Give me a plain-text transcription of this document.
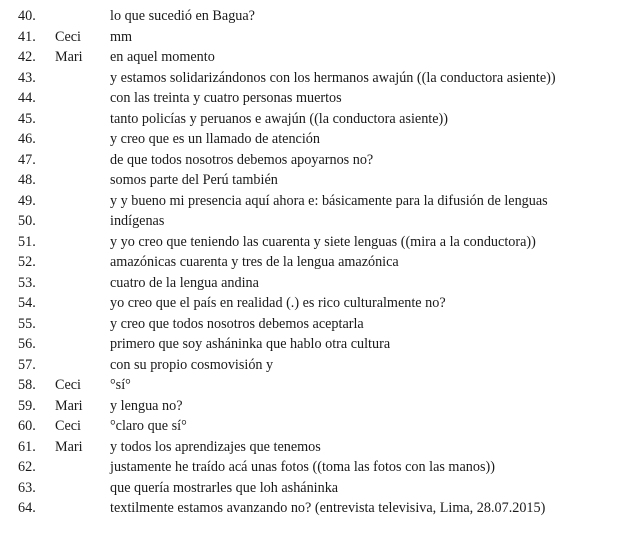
40.	lo que sucedió en Bagua?
41. Ceci mm
42. Mari en aquel momento
43.	y estamos solidarizándonos con los hermanos awajún ((la conductora asiente))
44.	con las treinta y cuatro personas muertos
45.	tanto policías y peruanos e awajún ((la conductora asiente))
46.	y creo que es un llamado de atención
47.	de que todos nosotros debemos apoyarnos no?
48.	somos parte del Perú también
49.	y y bueno mi presencia aquí ahora e: básicamente para la difusión de lenguas
50.	indígenas
51.	y yo creo que teniendo las cuarenta y siete lenguas ((mira a la conductora))
52.	amazónicas cuarenta y tres de la lengua amazónica
53.	cuatro de la lengua andina
54.	yo creo que el país en realidad (.) es rico culturalmente no?
55.	y creo que todos nosotros debemos aceptarla
56.	primero que soy asháninka que hablo otra cultura
57.	con su propio cosmovisión y
58. Ceci °sí°
59. Mari y lengua no?
60. Ceci °claro que sí°
61. Mari y todos los aprendizajes que tenemos
62.	justamente he traído acá unas fotos ((toma las fotos con las manos))
63.	que quería mostrarles que loh asháninka
64.	textilmente estamos avanzando no? (entrevista televisiva, Lima, 28.07.2015)
